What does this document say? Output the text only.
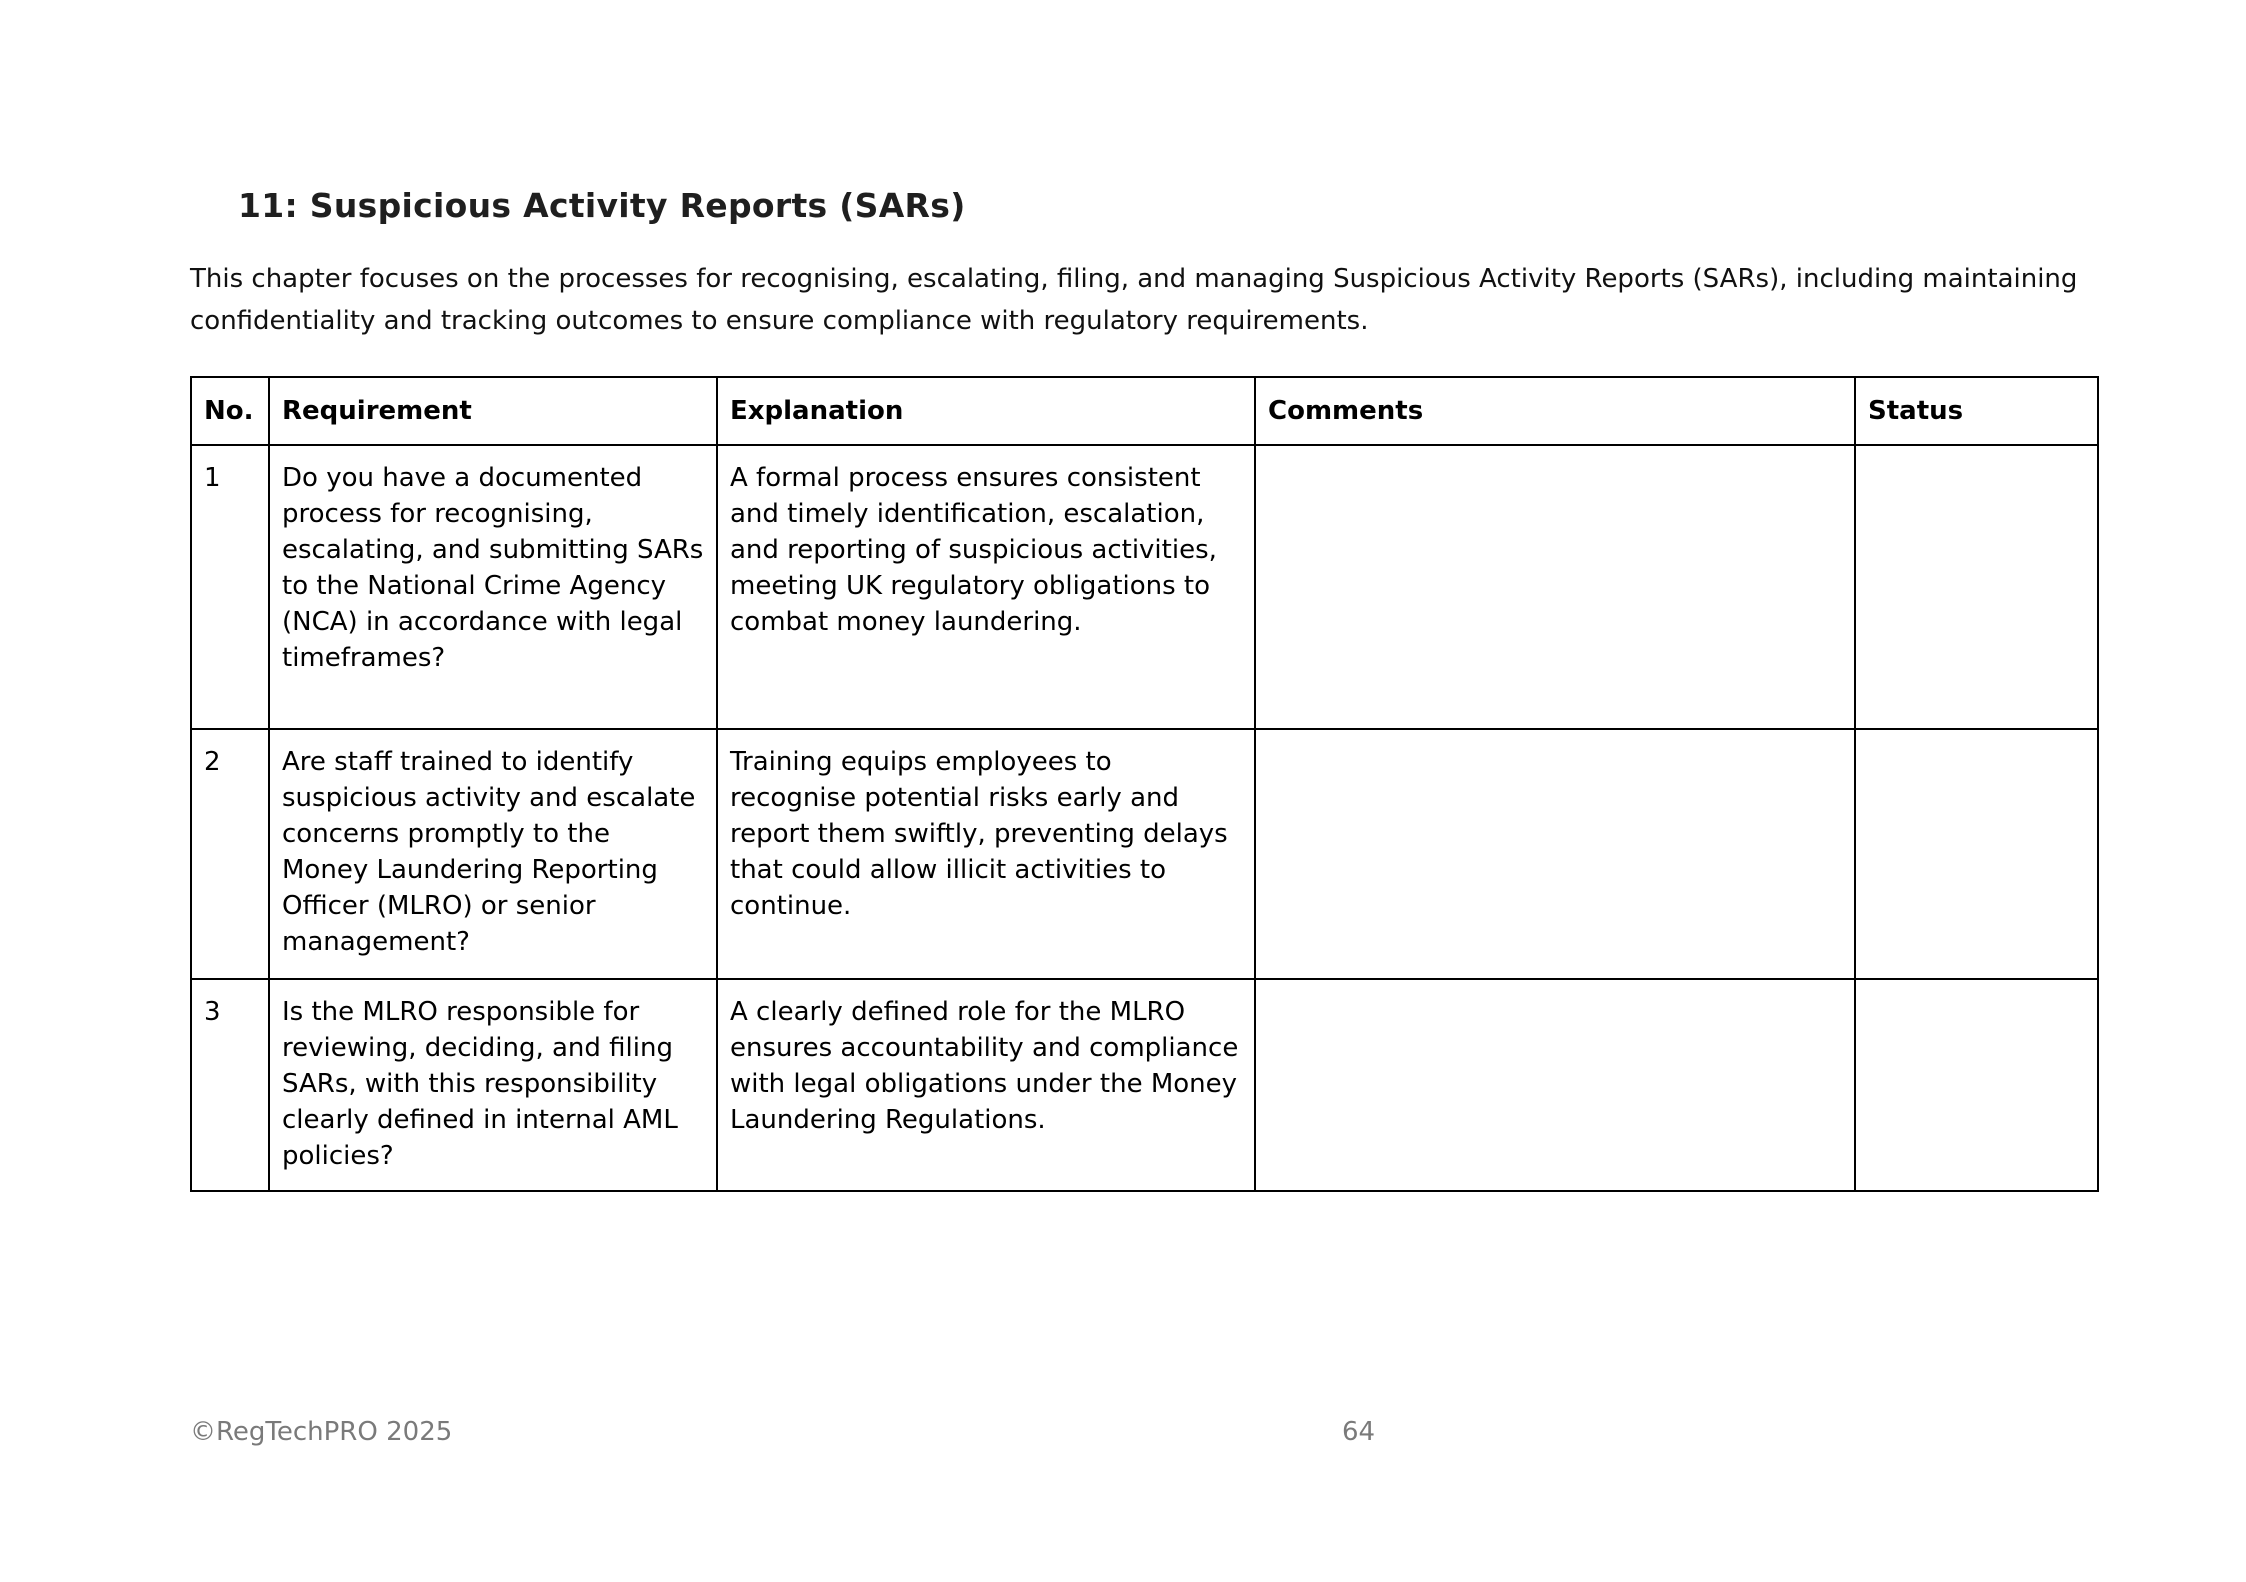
11: Suspicious Activity Reports (SARs)

This chapter focuses on the processes for recognising, escalating, filing, and managing Suspicious Activity Reports (SARs), including maintaining confidentiality and tracking outcomes to ensure compliance with regulatory requirements.

No.	Requirement	Explanation	Comments	Status
1	Do you have a documented process for recognising, escalating, and submitting SARs to the National Crime Agency (NCA) in accordance with legal timeframes?	A formal process ensures consistent and timely identification, escalation, and reporting of suspicious activities, meeting UK regulatory obligations to combat money laundering.		
2	Are staff trained to identify suspicious activity and escalate concerns promptly to the Money Laundering Reporting Officer (MLRO) or senior management?	Training equips employees to recognise potential risks early and report them swiftly, preventing delays that could allow illicit activities to continue.		
3	Is the MLRO responsible for reviewing, deciding, and filing SARs, with this responsibility clearly defined in internal AML policies?	A clearly defined role for the MLRO ensures accountability and compliance with legal obligations under the Money Laundering Regulations.		
©RegTechPRO 2025	64
